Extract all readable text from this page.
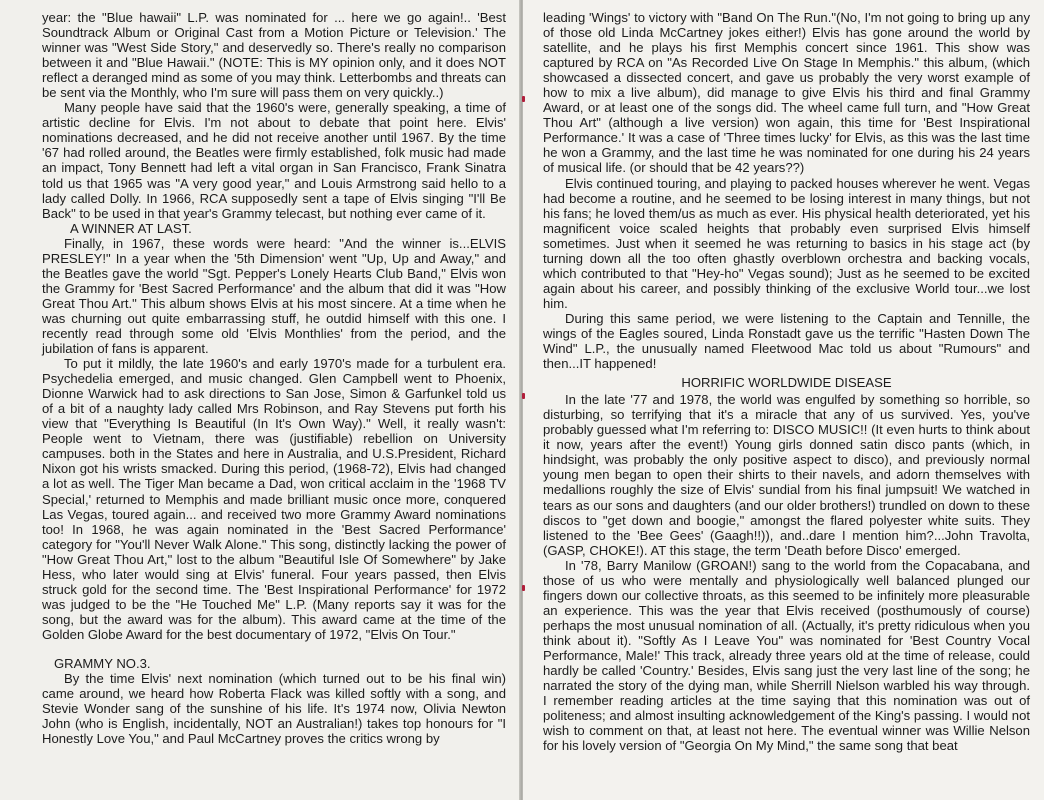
year: the "Blue hawaii" L.P. was nominated for ... here we go again!.. 'Best Soundtrack Album or Original Cast from a Motion Picture or Television.' The winner was "West Side Story," and deservedly so. There's really no comparison between it and "Blue Hawaii." (NOTE: This is MY opinion only, and it does NOT reflect a deranged mind as some of you may think. Letterbombs and threats can be sent via the Monthly, who I'm sure will pass them on very quickly..)

Many people have said that the 1960's were, generally speaking, a time of artistic decline for Elvis. I'm not about to debate that point here. Elvis' nominations decreased, and he did not receive another until 1967. By the time '67 had rolled around, the Beatles were firmly established, folk music had made an impact, Tony Bennett had left a vital organ in San Francisco, Frank Sinatra told us that 1965 was "A very good year," and Louis Armstrong said hello to a lady called Dolly. In 1966, RCA supposedly sent a tape of Elvis singing "I'll Be Back" to be used in that year's Grammy telecast, but nothing ever came of it.

A WINNER AT LAST.

Finally, in 1967, these words were heard: "And the winner is...ELVIS PRESLEY!" In a year when the '5th Dimension' went "Up, Up and Away," and the Beatles gave the world "Sgt. Pepper's Lonely Hearts Club Band," Elvis won the Grammy for 'Best Sacred Performance' and the album that did it was "How Great Thou Art." This album shows Elvis at his most sincere. At a time when he was churning out quite embarrassing stuff, he outdid himself with this one. I recently read through some old 'Elvis Monthlies' from the period, and the jubilation of fans is apparent.

To put it mildly, the late 1960's and early 1970's made for a turbulent era. Psychedelia emerged, and music changed. Glen Campbell went to Phoenix, Dionne Warwick had to ask directions to San Jose, Simon & Garfunkel told us of a bit of a naughty lady called Mrs Robinson, and Ray Stevens put forth his view that "Everything Is Beautiful (In It's Own Way)." Well, it really wasn't: People went to Vietnam, there was (justifiable) rebellion on University campuses. both in the States and here in Australia, and U.S.President, Richard Nixon got his wrists smacked. During this period, (1968-72), Elvis had changed a lot as well. The Tiger Man became a Dad, won critical acclaim in the '1968 TV Special,' returned to Memphis and made brilliant music once more, conquered Las Vegas, toured again... and received two more Grammy Award nominations too! In 1968, he was again nominated in the 'Best Sacred Performance' category for "You'll Never Walk Alone." This song, distinctly lacking the power of "How Great Thou Art," lost to the album "Beautiful Isle Of Somewhere" by Jake Hess, who later would sing at Elvis' funeral. Four years passed, then Elvis struck gold for the second time. The 'Best Inspirational Performance' for 1972 was judged to be the "He Touched Me" L.P. (Many reports say it was for the song, but the award was for the album). This award came at the time of the Golden Globe Award for the best documentary of 1972, "Elvis On Tour."

GRAMMY NO.3.

By the time Elvis' next nomination (which turned out to be his final win) came around, we heard how Roberta Flack was killed softly with a song, and Stevie Wonder sang of the sunshine of his life. It's 1974 now, Olivia Newton John (who is English, incidentally, NOT an Australian!) takes top honours for "I Honestly Love You," and Paul McCartney proves the critics wrong by

leading 'Wings' to victory with "Band On The Run."(No, I'm not going to bring up any of those old Linda McCartney jokes either!) Elvis has gone around the world by satellite, and he plays his first Memphis concert since 1961. This show was captured by RCA on "As Recorded Live On Stage In Memphis." this album, (which showcased a dissected concert, and gave us probably the very worst example of how to mix a live album), did manage to give Elvis his third and final Grammy Award, or at least one of the songs did. The wheel came full turn, and "How Great Thou Art" (although a live version) won again, this time for 'Best Inspirational Performance.' It was a case of 'Three times lucky' for Elvis, as this was the last time he won a Grammy, and the last time he was nominated for one during his 24 years of musical life. (or should that be 42 years??)

Elvis continued touring, and playing to packed houses wherever he went. Vegas had become a routine, and he seemed to be losing interest in many things, but not his fans; he loved them/us as much as ever. His physical health deteriorated, yet his magnificent voice scaled heights that probably even surprised Elvis himself sometimes. Just when it seemed he was returning to basics in his stage act (by turning down all the too often ghastly overblown orchestra and backing vocals, which contributed to that "Hey-ho" Vegas sound); Just as he seemed to be excited again about his career, and possibly thinking of the exclusive World tour...we lost him.

During this same period, we were listening to the Captain and Tennille, the wings of the Eagles soured, Linda Ronstadt gave us the terrific "Hasten Down The Wind" L.P., the unusually named Fleetwood Mac told us about "Rumours" and then...IT happened!

HORRIFIC WORLDWIDE DISEASE

In the late '77 and 1978, the world was engulfed by something so horrible, so disturbing, so terrifying that it's a miracle that any of us survived. Yes, you've probably guessed what I'm referring to: DISCO MUSIC!! (It even hurts to think about it now, years after the event!) Young girls donned satin disco pants (which, in hindsight, was probably the only positive aspect to disco), and previously normal young men began to open their shirts to their navels, and adorn themselves with medallions roughly the size of Elvis' sundial from his final jumpsuit! We watched in tears as our sons and daughters (and our older brothers!) trundled on down to these discos to "get down and boogie," amongst the flared polyester white suits. They listened to the 'Bee Gees' (Gaagh!!)), and..dare I mention him?...John Travolta, (GASP, CHOKE!). AT this stage, the term 'Death before Disco' emerged.

In '78, Barry Manilow (GROAN!) sang to the world from the Copacabana, and those of us who were mentally and physiologically well balanced plunged our fingers down our collective throats, as this seemed to be infinitely more pleasurable an experience. This was the year that Elvis received (posthumously of course) perhaps the most unusual nomination of all. (Actually, it's pretty ridiculous when you think about it). "Softly As I Leave You" was nominated for 'Best Country Vocal Performance, Male!' This track, already three years old at the time of release, could hardly be called 'Country.' Besides, Elvis sang just the very last line of the song; he narrated the story of the dying man, while Sherrill Nielson warbled his way through. I remember reading articles at the time saying that this nomination was out of politeness; and almost insulting acknowledgement of the King's passing. I would not wish to comment on that, at least not here. The eventual winner was Willie Nelson for his lovely version of "Georgia On My Mind," the same song that beat
